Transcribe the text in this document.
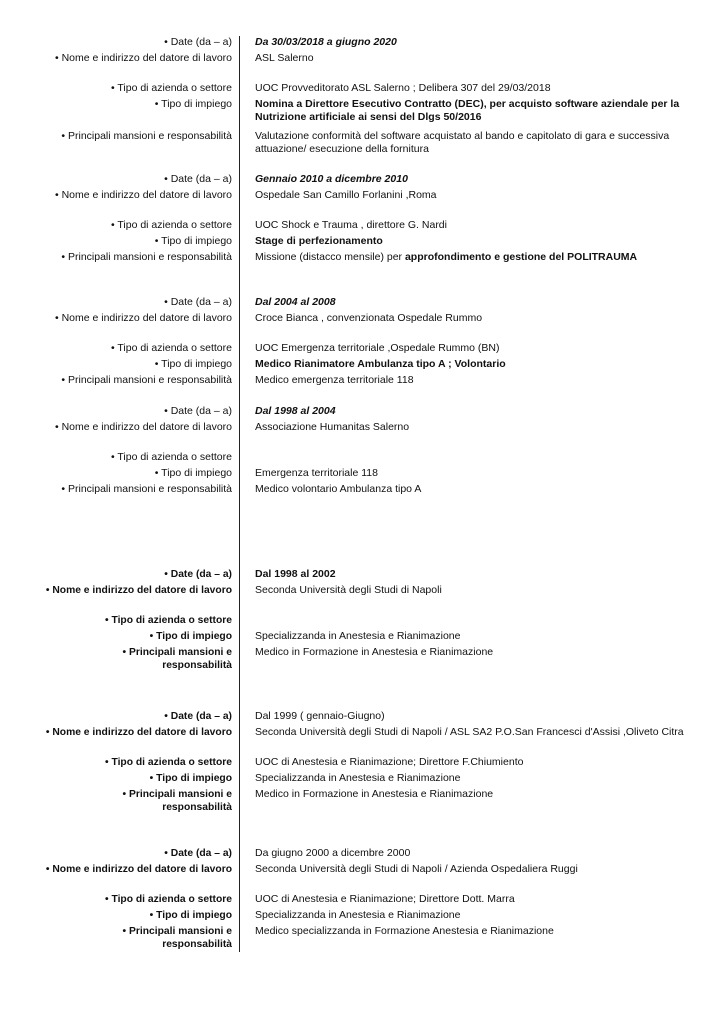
• Date (da – a) Da 30/03/2018 a giugno 2020
• Nome e indirizzo del datore di lavoro ASL Salerno
• Tipo di azienda o settore UOC Provveditorato ASL Salerno ; Delibera 307 del 29/03/2018
• Tipo di impiego Nomina a Direttore Esecutivo Contratto (DEC), per acquisto software aziendale per la Nutrizione artificiale ai sensi del Dlgs 50/2016
• Principali mansioni e responsabilità Valutazione conformità del software acquistato al bando e capitolato di gara e successiva attuazione/ esecuzione della fornitura
• Date (da – a) Gennaio 2010 a dicembre 2010
• Nome e indirizzo del datore di lavoro Ospedale San Camillo Forlanini ,Roma
• Tipo di azienda o settore UOC Shock e Trauma , direttore G. Nardi
• Tipo di impiego Stage di perfezionamento
• Principali mansioni e responsabilità Missione (distacco mensile) per approfondimento e gestione del POLITRAUMA
• Date (da – a) Dal 2004 al 2008
• Nome e indirizzo del datore di lavoro Croce Bianca , convenzionata Ospedale Rummo
• Tipo di azienda o settore UOC Emergenza territoriale ,Ospedale Rummo (BN)
• Tipo di impiego Medico Rianimatore Ambulanza tipo A ; Volontario
• Principali mansioni e responsabilità Medico emergenza territoriale 118
• Date (da – a) Dal 1998 al 2004
• Nome e indirizzo del datore di lavoro Associazione Humanitas Salerno
• Tipo di azienda o settore
• Tipo di impiego Emergenza territoriale 118
• Principali mansioni e responsabilità Medico volontario Ambulanza tipo A
• Date (da – a) Dal 1998 al 2002
• Nome e indirizzo del datore di lavoro Seconda Università degli Studi di Napoli
• Tipo di azienda o settore
• Tipo di impiego Specializzanda in Anestesia e Rianimazione
• Principali mansioni e responsabilità
Medico in Formazione in Anestesia e Rianimazione
• Date (da – a) Dal 1999 ( gennaio-Giugno)
• Nome e indirizzo del datore di lavoro Seconda Università degli Studi di Napoli / ASL SA2 P.O.San Francesci d'Assisi ,Oliveto Citra
• Tipo di azienda o settore UOC di Anestesia e Rianimazione; Direttore F.Chiumiento
• Tipo di impiego Specializzanda in Anestesia e Rianimazione
• Principali mansioni e responsabilità
Medico in Formazione in Anestesia e Rianimazione
• Date (da – a) Da giugno 2000 a dicembre 2000
• Nome e indirizzo del datore di lavoro Seconda Università degli Studi di Napoli / Azienda Ospedaliera Ruggi
• Tipo di azienda o settore UOC di Anestesia e Rianimazione; Direttore Dott. Marra
• Tipo di impiego Specializzanda in Anestesia e Rianimazione
• Principali mansioni e responsabilità
Medico specializzanda in Formazione Anestesia e Rianimazione
